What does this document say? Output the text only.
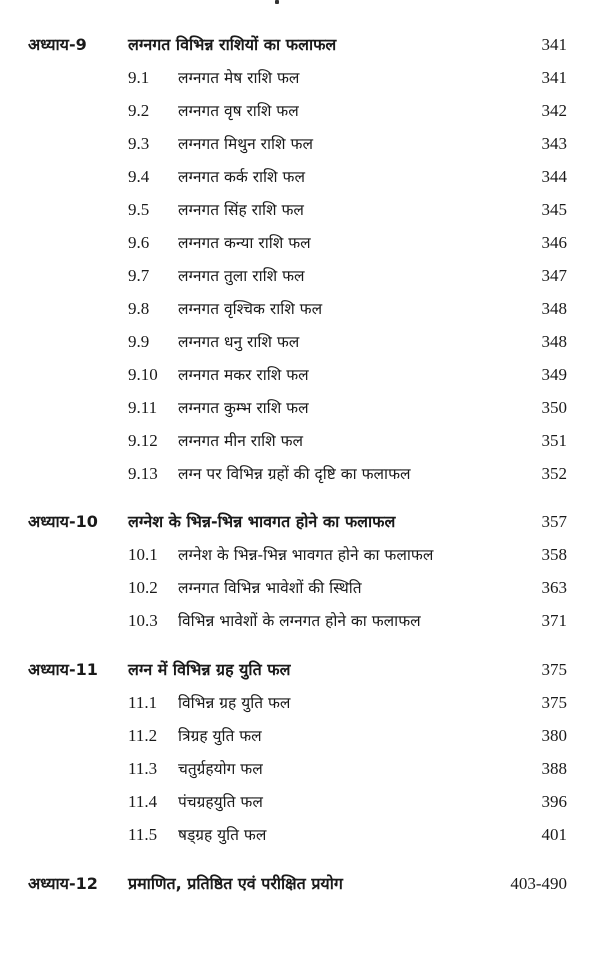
अध्याय-9	लग्नगत विभिन्न राशियों का फलाफल	341
9.1 लग्नगत मेष राशि फल	341
9.2 लग्नगत वृष राशि फल	342
9.3 लग्नगत मिथुन राशि फल	343
9.4 लग्नगत कर्क राशि फल	344
9.5 लग्नगत सिंह राशि फल	345
9.6 लग्नगत कन्या राशि फल	346
9.7 लग्नगत तुला राशि फल	347
9.8 लग्नगत वृश्चिक राशि फल	348
9.9 लग्नगत धनु राशि फल	348
9.10 लग्नगत मकर राशि फल	349
9.11 लग्नगत कुम्भ राशि फल	350
9.12 लग्नगत मीन राशि फल	351
9.13 लग्न पर विभिन्न ग्रहों की दृष्टि का फलाफल	352
अध्याय-10 लग्नेश के भिन्न-भिन्न भावगत होने का फलाफल	357
10.1 लग्नेश के भिन्न-भिन्न भावगत होने का फलाफल	358
10.2 लग्नगत विभिन्न भावेशों की स्थिति	363
10.3 विभिन्न भावेशों के लग्नगत होने का फलाफल	371
अध्याय-11 लग्न में विभिन्न ग्रह युति फल	375
11.1 विभिन्न ग्रह युति फल	375
11.2 त्रिग्रह युति फल	380
11.3 चतुर्ग्रहयोग फल	388
11.4 पंचग्रहयुति फल	396
11.5 षड्ग्रह युति फल	401
अध्याय-12 प्रमाणित, प्रतिष्ठित एवं परीक्षित प्रयोग	403-490
